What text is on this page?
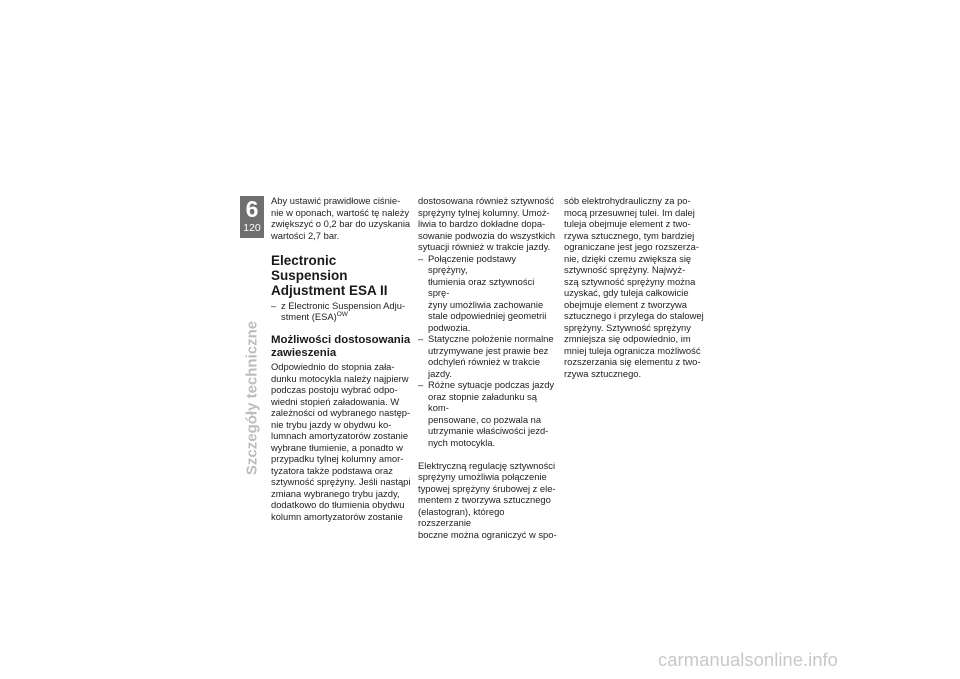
6
120
Szczegóły techniczne

Aby ustawić prawidłowe ciśnie-
nie w oponach, wartość tę należy
zwiększyć o 0,2 bar do uzyskania
wartości 2,7 bar.

Electronic Suspension
Adjustment ESA II
– z Electronic Suspension Adju-
stment (ESA)$^{OW}$
Możliwości dostosowania
zawieszenia

Odpowiednio do stopnia zała-
dunku motocykla należy najpierw
podczas postoju wybrać odpo-
wiedni stopień załadowania. W
zależności od wybranego następ-
nie trybu jazdy w obydwu ko-
lumnach amortyzatorów zostanie
wybrane tłumienie, a ponadto w
przypadku tylnej kolumny amor-
tyzatora także podstawa oraz
sztywność sprężyny. Jeśli nastąpi
zmiana wybranego trybu jazdy,
dodatkowo do tłumienia obydwu
kolumn amortyzatorów zostanie

dostosowana również sztywność
sprężyny tylnej kolumny. Umoż-
liwia to bardzo dokładne dopa-
sowanie podwozia do wszystkich
sytuacji również w trakcie jazdy.

– Połączenie podstawy sprężyny,
tłumienia oraz sztywności sprę-
żyny umożliwia zachowanie
stale odpowiedniej geometrii
podwozia.
– Statyczne położenie normalne
utrzymywane jest prawie bez
odchyleń również w trakcie
jazdy.
– Różne sytuacje podczas jazdy
oraz stopnie załadunku są kom-
pensowane, co pozwala na
utrzymanie właściwości jezd-
nych motocykla.

Elektryczną regulację sztywności
sprężyny umożliwia połączenie
typowej sprężyny śrubowej z ele-
mentem z tworzywa sztucznego
(elastogran), którego rozszerzanie
boczne można ograniczyć w spo-

sób elektrohydrauliczny za po-
mocą przesuwnej tulei. Im dalej
tuleja obejmuje element z two-
rzywa sztucznego, tym bardziej
ograniczane jest jego rozszerza-
nie, dzięki czemu zwiększa się
sztywność sprężyny. Najwyż-
szą sztywność sprężyny można
uzyskać, gdy tuleja całkowicie
obejmuje element z tworzywa
sztucznego i przylega do stalowej
sprężyny. Sztywność sprężyny
zmniejsza się odpowiednio, im
mniej tuleja ogranicza możliwość
rozszerzania się elementu z two-
rzywa sztucznego.

carmanualsonline.info
